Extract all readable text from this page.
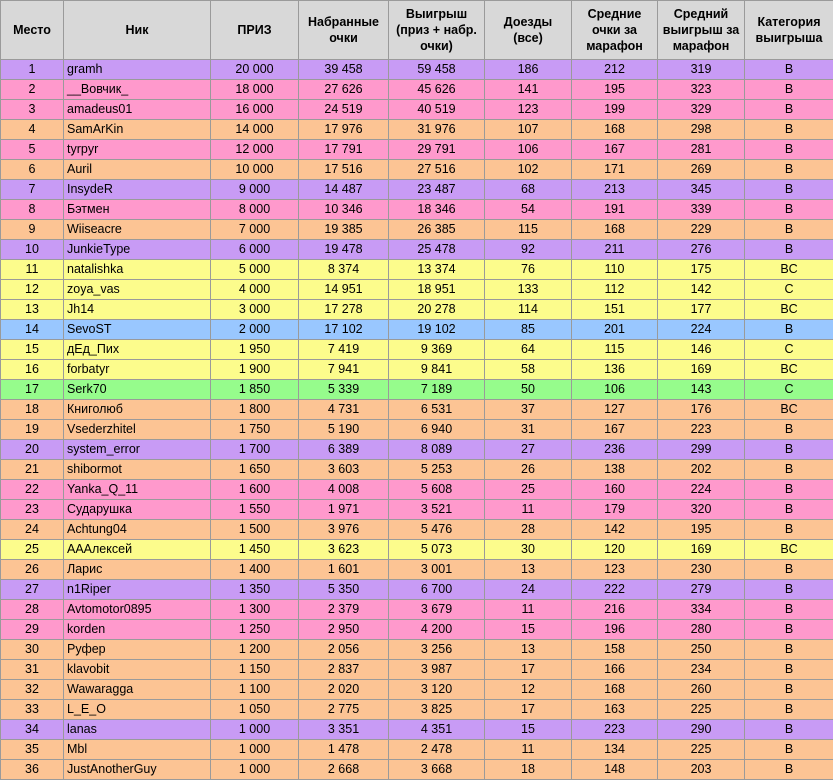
Место	Ник	ПРИЗ	Набранные очки	Выигрыш (приз + набр. очки)	Доезды (все)	Средние очки за марафон	Средний выигрыш за марафон	Категория выигрыша
1	gramh	20 000	39 458	59 458	186	212	319	B
2	__Вовчик_	18 000	27 626	45 626	141	195	323	B
3	amadeus01	16 000	24 519	40 519	123	199	329	B
4	SamArKin	14 000	17 976	31 976	107	168	298	B
5	tyrpyr	12 000	17 791	29 791	106	167	281	B
6	Auril	10 000	17 516	27 516	102	171	269	B
7	InsydeR	9 000	14 487	23 487	68	213	345	B
8	Бэтмен	8 000	10 346	18 346	54	191	339	B
9	Wiiseacre	7 000	19 385	26 385	115	168	229	B
10	JunkieType	6 000	19 478	25 478	92	211	276	B
11	natalishka	5 000	8 374	13 374	76	110	175	BC
12	zoya_vas	4 000	14 951	18 951	133	112	142	C
13	Jh14	3 000	17 278	20 278	114	151	177	BC
14	SevoST	2 000	17 102	19 102	85	201	224	B
15	дЕд_Пих	1 950	7 419	9 369	64	115	146	C
16	forbatyr	1 900	7 941	9 841	58	136	169	BC
17	Serk70	1 850	5 339	7 189	50	106	143	C
18	Книголюб	1 800	4 731	6 531	37	127	176	BC
19	Vsederzhitel	1 750	5 190	6 940	31	167	223	B
20	system_error	1 700	6 389	8 089	27	236	299	B
21	shibormot	1 650	3 603	5 253	26	138	202	B
22	Yanka_Q_11	1 600	4 008	5 608	25	160	224	B
23	Сударушка	1 550	1 971	3 521	11	179	320	B
24	Achtung04	1 500	3 976	5 476	28	142	195	B
25	АААлексей	1 450	3 623	5 073	30	120	169	BC
26	Ларис	1 400	1 601	3 001	13	123	230	B
27	n1Riper	1 350	5 350	6 700	24	222	279	B
28	Avtomotor0895	1 300	2 379	3 679	11	216	334	B
29	korden	1 250	2 950	4 200	15	196	280	B
30	Руфер	1 200	2 056	3 256	13	158	250	B
31	klavobit	1 150	2 837	3 987	17	166	234	B
32	Wawaragga	1 100	2 020	3 120	12	168	260	B
33	L_E_O	1 050	2 775	3 825	17	163	225	B
34	lanas	1 000	3 351	4 351	15	223	290	B
35	Mbl	1 000	1 478	2 478	11	134	225	B
36	JustAnotherGuy	1 000	2 668	3 668	18	148	203	B
